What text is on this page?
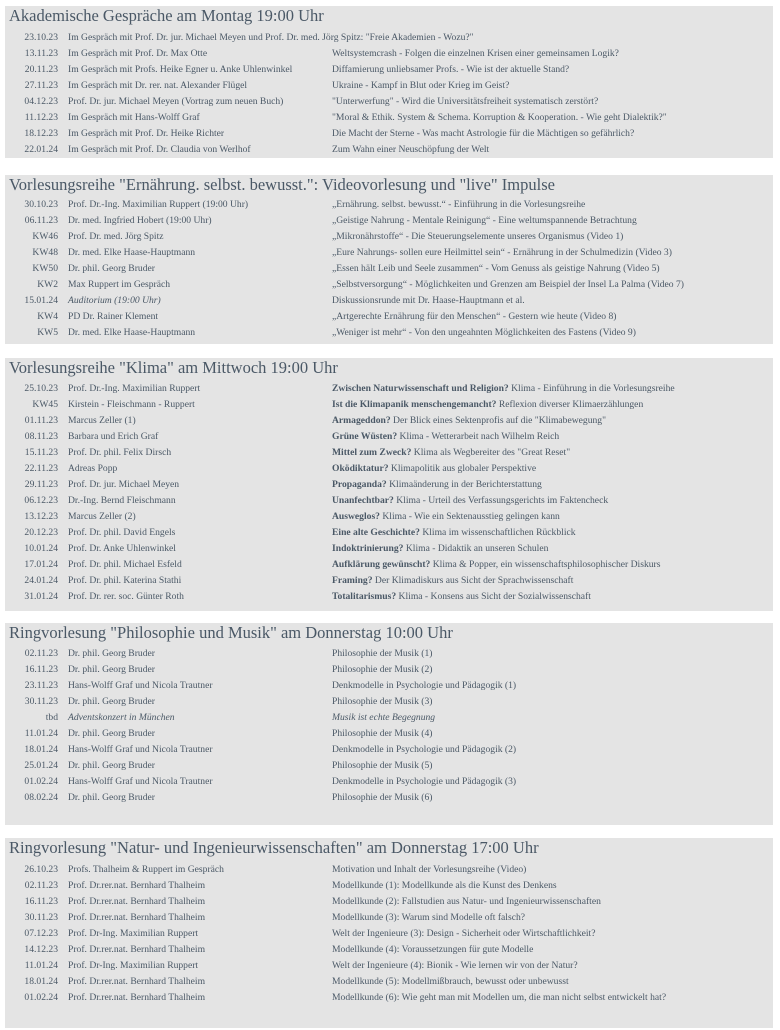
Akademische Gespräche am Montag 19:00 Uhr
23.10.23 Im Gespräch mit Prof. Dr. jur. Michael Meyen und Prof. Dr. med. Jörg Spitz: "Freie Akademien - Wozu?"
13.11.23 Im Gespräch mit Prof. Dr. Max Otte	Weltsystemcrash - Folgen die einzelnen Krisen einer gemeinsamen Logik?
20.11.23 Im Gespräch mit Profs. Heike Egner u. Anke Uhlenwinkel	Diffamierung unliebsamer Profs. - Wie ist der aktuelle Stand?
27.11.23 Im Gespräch mit Dr. rer. nat. Alexander Flügel	Ukraine - Kampf in Blut oder Krieg im Geist?
04.12.23 Prof. Dr. jur. Michael Meyen (Vortrag zum neuen Buch)	"Unterwerfung" - Wird die Universitätsfreiheit systematisch zerstört?
11.12.23 Im Gespräch mit Hans-Wolff Graf	"Moral & Ethik. System & Schema. Korruption & Kooperation. - Wie geht Dialektik?"
18.12.23 Im Gespräch mit Prof. Dr. Heike Richter	Die Macht der Sterne - Was macht Astrologie für die Mächtigen so gefährlich?
22.01.24 Im Gespräch mit Prof. Dr. Claudia von Werlhof	Zum Wahn einer Neuschöpfung der Welt
Vorlesungsreihe "Ernährung. selbst. bewusst.": Videovorlesung und "live" Impulse
30.10.23 Prof. Dr.-Ing. Maximilian Ruppert (19:00 Uhr)	„Ernährung. selbst. bewusst.“ - Einführung in die Vorlesungsreihe
06.11.23 Dr. med. Ingfried Hobert (19:00 Uhr)	„Geistige Nahrung - Mentale Reinigung“ - Eine weltumspannende Betrachtung
KW46 Prof. Dr. med. Jörg Spitz	„Mikronährstoffe“ - Die Steuerungselemente unseres Organismus (Video 1)
KW48 Dr. med. Elke Haase-Hauptmann	„Eure Nahrungs- sollen eure Heilmittel sein“ - Ernährung in der Schulmedizin (Video 3)
KW50 Dr. phil. Georg Bruder	„Essen hält Leib und Seele zusammen“ - Vom Genuss als geistige Nahrung (Video 5)
KW2 Max Ruppert im Gespräch	„Selbstversorgung“ - Möglichkeiten und Grenzen am Beispiel der Insel La Palma (Video 7)
15.01.24 Auditorium (19:00 Uhr)	Diskussionsrunde mit Dr. Haase-Hauptmann et al.
KW4 PD Dr. Rainer Klement	„Artgerechte Ernährung für den Menschen“ - Gestern wie heute (Video 8)
KW5 Dr. med. Elke Haase-Hauptmann	„Weniger ist mehr“ - Von den ungeahnten Möglichkeiten des Fastens (Video 9)
Vorlesungsreihe "Klima" am Mittwoch 19:00 Uhr
25.10.23 Prof. Dr.-Ing. Maximilian Ruppert	Zwischen Naturwissenschaft und Religion? Klima - Einführung in die Vorlesungsreihe
KW45 Kirstein - Fleischmann - Ruppert	Ist die Klimapanik menschengemancht? Reflexion diverser Klimaerzählungen
01.11.23 Marcus Zeller (1)	Armageddon? Der Blick eines Sektenprofis auf die "Klimabewegung"
08.11.23 Barbara und Erich Graf	Grüne Wüsten? Klima - Wetterarbeit nach Wilhelm Reich
15.11.23 Prof. Dr. phil. Felix Dirsch	Mittel zum Zweck? Klima als Wegbereiter des "Great Reset"
22.11.23 Adreas Popp	Oködiktatur? Klimapolitik aus globaler Perspektive
29.11.23 Prof. Dr. jur. Michael Meyen	Propaganda? Klimaänderung in der Berichterstattung
06.12.23 Dr.-Ing. Bernd Fleischmann	Unanfechtbar? Klima - Urteil des Verfassungsgerichts im Faktencheck
13.12.23 Marcus Zeller (2)	Ausweglos? Klima - Wie ein Sektenausstieg gelingen kann
20.12.23 Prof. Dr. phil. David Engels	Eine alte Geschichte? Klima im wissenschaftlichen Rückblick
10.01.24 Prof. Dr. Anke Uhlenwinkel	Indoktrinierung? Klima - Didaktik an unseren Schulen
17.01.24 Prof. Dr. phil. Michael Esfeld	Aufklärung gewünscht? Klima & Popper, ein wissenschaftsphilosophischer Diskurs
24.01.24 Prof. Dr. phil. Katerina Stathi	Framing? Der Klimadiskurs aus Sicht der Sprachwissenschaft
31.01.24 Prof. Dr. rer. soc. Günter Roth	Totalitarismus? Klima - Konsens aus Sicht der Sozialwissenschaft
Ringvorlesung "Philosophie und Musik" am Donnerstag 10:00 Uhr
02.11.23 Dr. phil. Georg Bruder	Philosophie der Musik (1)
16.11.23 Dr. phil. Georg Bruder	Philosophie der Musik (2)
23.11.23 Hans-Wolff Graf und Nicola Trautner	Denkmodelle in Psychologie und Pädagogik (1)
30.11.23 Dr. phil. Georg Bruder	Philosophie der Musik (3)
tbd Adventskonzert in München	Musik ist echte Begegnung
11.01.24 Dr. phil. Georg Bruder	Philosophie der Musik (4)
18.01.24 Hans-Wolff Graf und Nicola Trautner	Denkmodelle in Psychologie und Pädagogik (2)
25.01.24 Dr. phil. Georg Bruder	Philosophie der Musik (5)
01.02.24 Hans-Wolff Graf und Nicola Trautner	Denkmodelle in Psychologie und Pädagogik (3)
08.02.24 Dr. phil. Georg Bruder	Philosophie der Musik (6)
Ringvorlesung "Natur- und Ingenieurwissenschaften" am Donnerstag 17:00 Uhr
26.10.23 Profs. Thalheim & Ruppert im Gespräch	Motivation und Inhalt der Vorlesungsreihe (Video)
02.11.23 Prof. Dr.rer.nat. Bernhard Thalheim	Modellkunde (1): Modellkunde als die Kunst des Denkens
16.11.23 Prof. Dr.rer.nat. Bernhard Thalheim	Modellkunde (2): Fallstudien aus Natur- und Ingenieurwissenschaften
30.11.23 Prof. Dr.rer.nat. Bernhard Thalheim	Modellkunde (3): Warum sind Modelle oft falsch?
07.12.23 Prof. Dr-Ing. Maximilian Ruppert	Welt der Ingenieure (3): Design - Sicherheit oder Wirtschaftlichkeit?
14.12.23 Prof. Dr.rer.nat. Bernhard Thalheim	Modellkunde (4): Voraussetzungen für gute Modelle
11.01.24 Prof. Dr-Ing. Maximilian Ruppert	Welt der Ingenieure (4): Bionik - Wie lernen wir von der Natur?
18.01.24 Prof. Dr.rer.nat. Bernhard Thalheim	Modellkunde (5): Modellmißbrauch, bewusst oder unbewusst
01.02.24 Prof. Dr.rer.nat. Bernhard Thalheim	Modellkunde (6): Wie geht man mit Modellen um, die man nicht selbst entwickelt hat?
